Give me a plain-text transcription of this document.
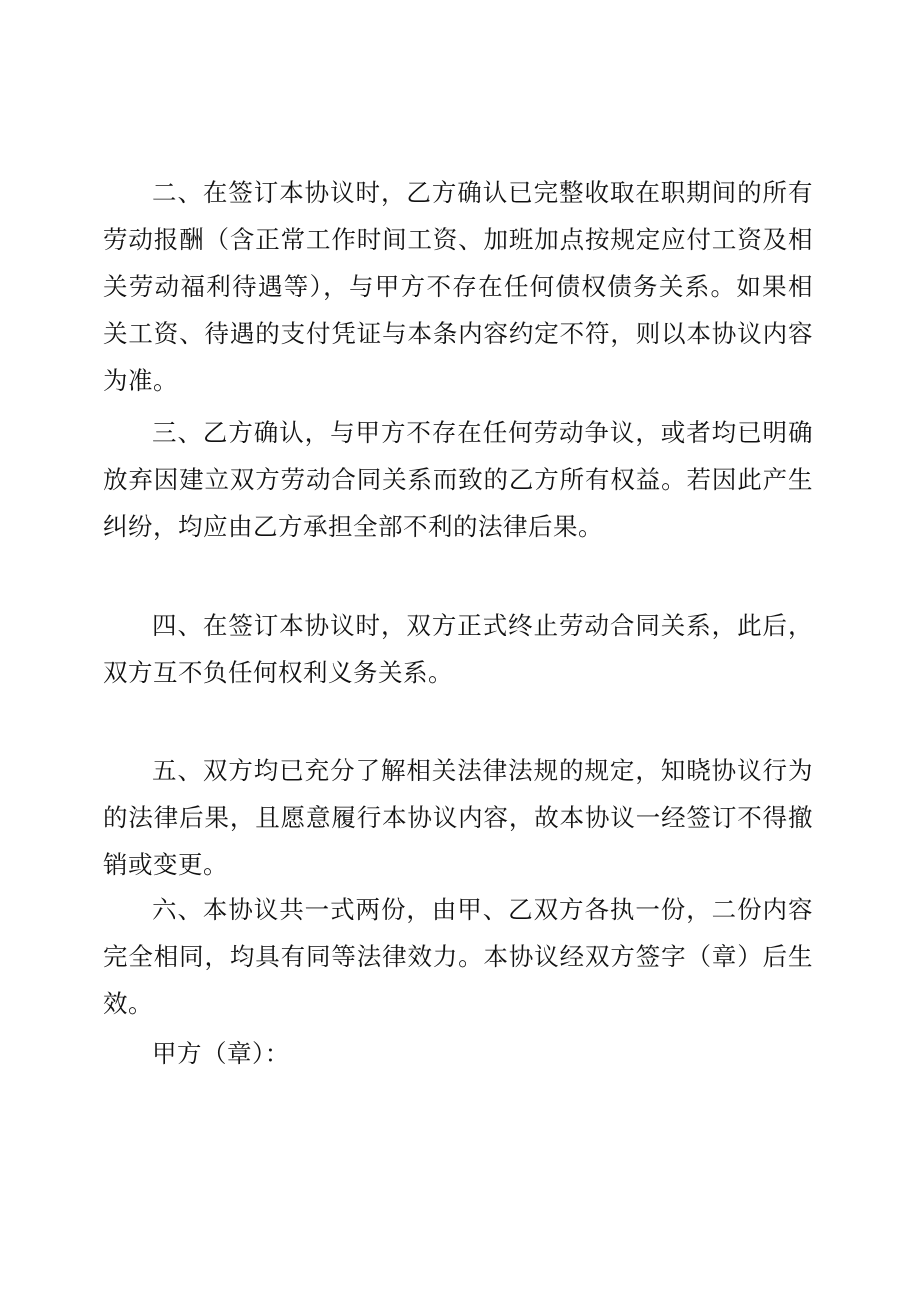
二、在签订本协议时，乙方确认已完整收取在职期间的所有劳动报酬（含正常工作时间工资、加班加点按规定应付工资及相关劳动福利待遇等），与甲方不存在任何债权债务关系。如果相关工资、待遇的支付凭证与本条内容约定不符，则以本协议内容为准。

三、乙方确认，与甲方不存在任何劳动争议，或者均已明确放弃因建立双方劳动合同关系而致的乙方所有权益。若因此产生纠纷，均应由乙方承担全部不利的法律后果。

四、在签订本协议时，双方正式终止劳动合同关系，此后，双方互不负任何权利义务关系。

五、双方均已充分了解相关法律法规的规定，知晓协议行为的法律后果，且愿意履行本协议内容，故本协议一经签订不得撤销或变更。

六、本协议共一式两份，由甲、乙双方各执一份，二份内容完全相同，均具有同等法律效力。本协议经双方签字（章）后生效。

甲方（章）：
